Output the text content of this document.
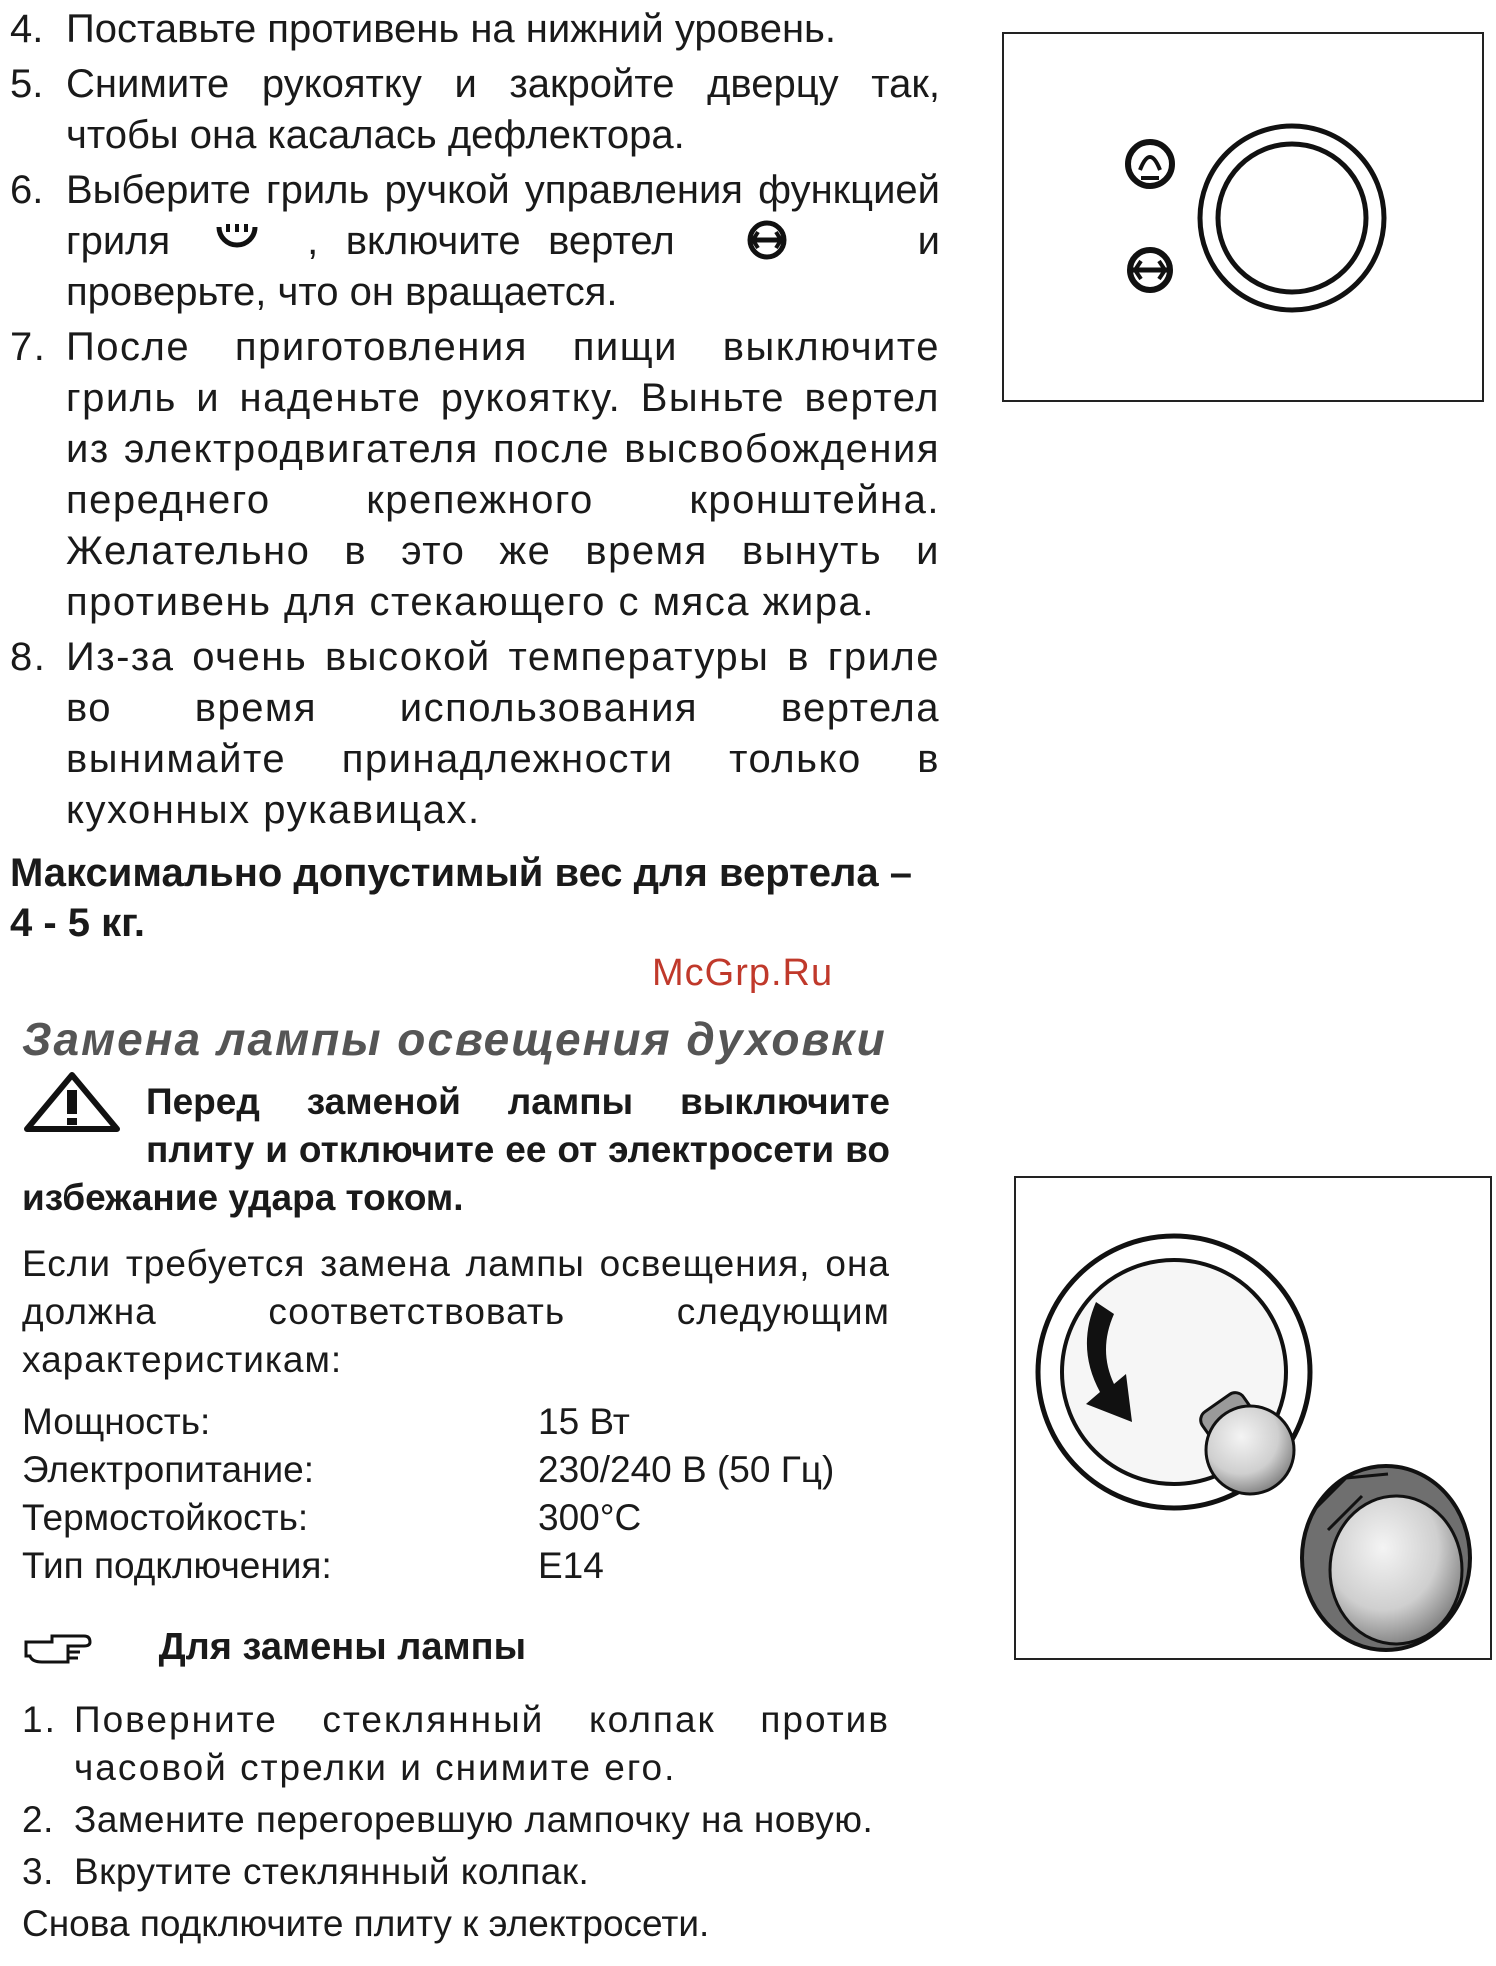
4. Поставьте противень на нижний уровень.
5. Снимите рукоятку и закройте дверцу так, чтобы она касалась дефлектора.
6. Выберите гриль ручкой управления функцией гриля	, включите вертел	и проверьте, что он вращается.
7. После приготовления пищи выключите гриль и наденьте рукоятку. Выньте вертел из электродвигателя после высвобождения переднего крепежного кронштейна. Желательно в это же время вынуть и противень для стекающего с мяса жира.
8. Из-за очень высокой температуры в гриле во время использования вертела вынимайте принадлежности только в кухонных рукавицах.
Максимально допустимый вес для вертела – 4 - 5 кг.
McGrp.Ru
Замена лампы освещения духовки
Перед заменой лампы выключите плиту и отключите ее от электросети во избежание удара током.
Если требуется замена лампы освещения, она должна соответствовать следующим характеристикам:
Мощность:	15 Вт
Электропитание:	230/240 В (50 Гц)
Термостойкость:	300°C
Тип подключения:	E14
Для замены лампы
1. Поверните стеклянный колпак против часовой стрелки и снимите его.
2. Замените перегоревшую лампочку на новую.
3. Вкрутите стеклянный колпак.
Снова подключите плиту к электросети.
